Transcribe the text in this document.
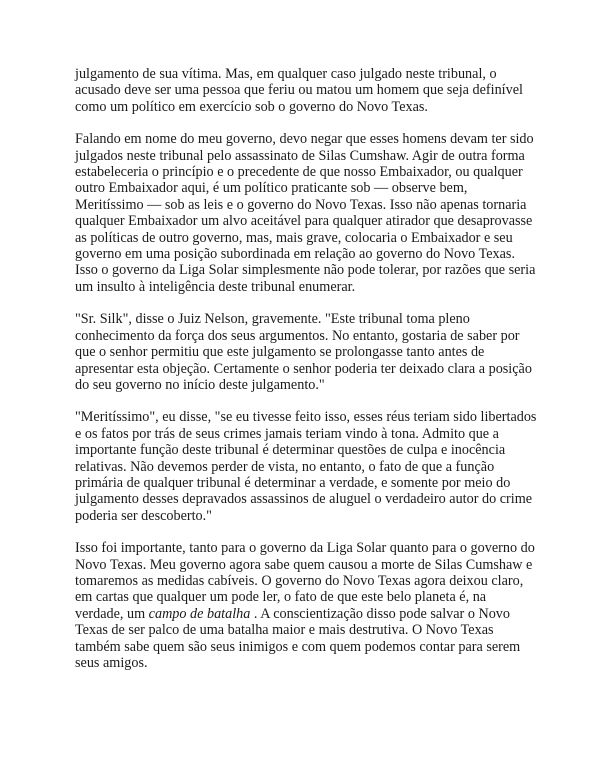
julgamento de sua vítima. Mas, em qualquer caso julgado neste tribunal, o acusado deve ser uma pessoa que feriu ou matou um homem que seja definível como um político em exercício sob o governo do Novo Texas.

Falando em nome do meu governo, devo negar que esses homens devam ter sido julgados neste tribunal pelo assassinato de Silas Cumshaw. Agir de outra forma estabeleceria o princípio e o precedente de que nosso Embaixador, ou qualquer outro Embaixador aqui, é um político praticante sob — observe bem, Meritíssimo — sob as leis e o governo do Novo Texas. Isso não apenas tornaria qualquer Embaixador um alvo aceitável para qualquer atirador que desaprovasse as políticas de outro governo, mas, mais grave, colocaria o Embaixador e seu governo em uma posição subordinada em relação ao governo do Novo Texas. Isso o governo da Liga Solar simplesmente não pode tolerar, por razões que seria um insulto à inteligência deste tribunal enumerar.

"Sr. Silk", disse o Juiz Nelson, gravemente. "Este tribunal toma pleno conhecimento da força dos seus argumentos. No entanto, gostaria de saber por que o senhor permitiu que este julgamento se prolongasse tanto antes de apresentar esta objeção. Certamente o senhor poderia ter deixado clara a posição do seu governo no início deste julgamento."

"Meritíssimo", eu disse, "se eu tivesse feito isso, esses réus teriam sido libertados e os fatos por trás de seus crimes jamais teriam vindo à tona. Admito que a importante função deste tribunal é determinar questões de culpa e inocência relativas. Não devemos perder de vista, no entanto, o fato de que a função primária de qualquer tribunal é determinar a verdade, e somente por meio do julgamento desses depravados assassinos de aluguel o verdadeiro autor do crime poderia ser descoberto."

Isso foi importante, tanto para o governo da Liga Solar quanto para o governo do Novo Texas. Meu governo agora sabe quem causou a morte de Silas Cumshaw e tomaremos as medidas cabíveis. O governo do Novo Texas agora deixou claro, em cartas que qualquer um pode ler, o fato de que este belo planeta é, na verdade, um campo de batalha . A conscientização disso pode salvar o Novo Texas de ser palco de uma batalha maior e mais destrutiva. O Novo Texas também sabe quem são seus inimigos e com quem podemos contar para serem seus amigos.
